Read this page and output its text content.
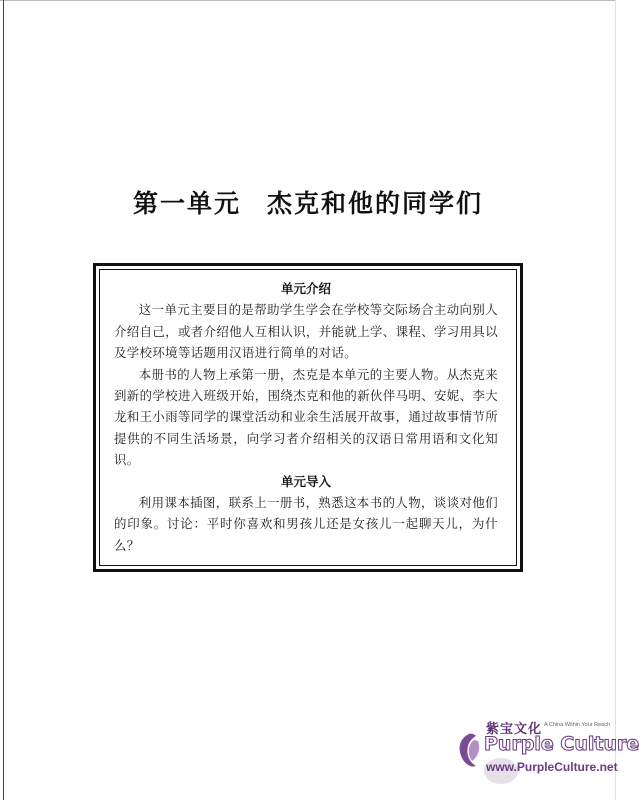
第一单元 杰克和他的同学们
单元介绍

这一单元主要目的是帮助学生学会在学校等交际场合主动向别人介绍自己，或者介绍他人互相认识，并能就上学、课程、学习用具以及学校环境等话题用汉语进行简单的对话。

本册书的人物上承第一册，杰克是本单元的主要人物。从杰克来到新的学校进入班级开始，围绕杰克和他的新伙伴马明、安妮、李大龙和王小雨等同学的课堂活动和业余生活展开故事，通过故事情节所提供的不同生活场景，向学习者介绍相关的汉语日常用语和文化知识。

单元导入

利用课本插图，联系上一册书，熟悉这本书的人物，谈谈对他们的印象。讨论：平时你喜欢和男孩儿还是女孩儿一起聊天儿，为什么？

紫宝文化 A China Within Your Reach
Purple Culture
www.PurpleCulture.net
